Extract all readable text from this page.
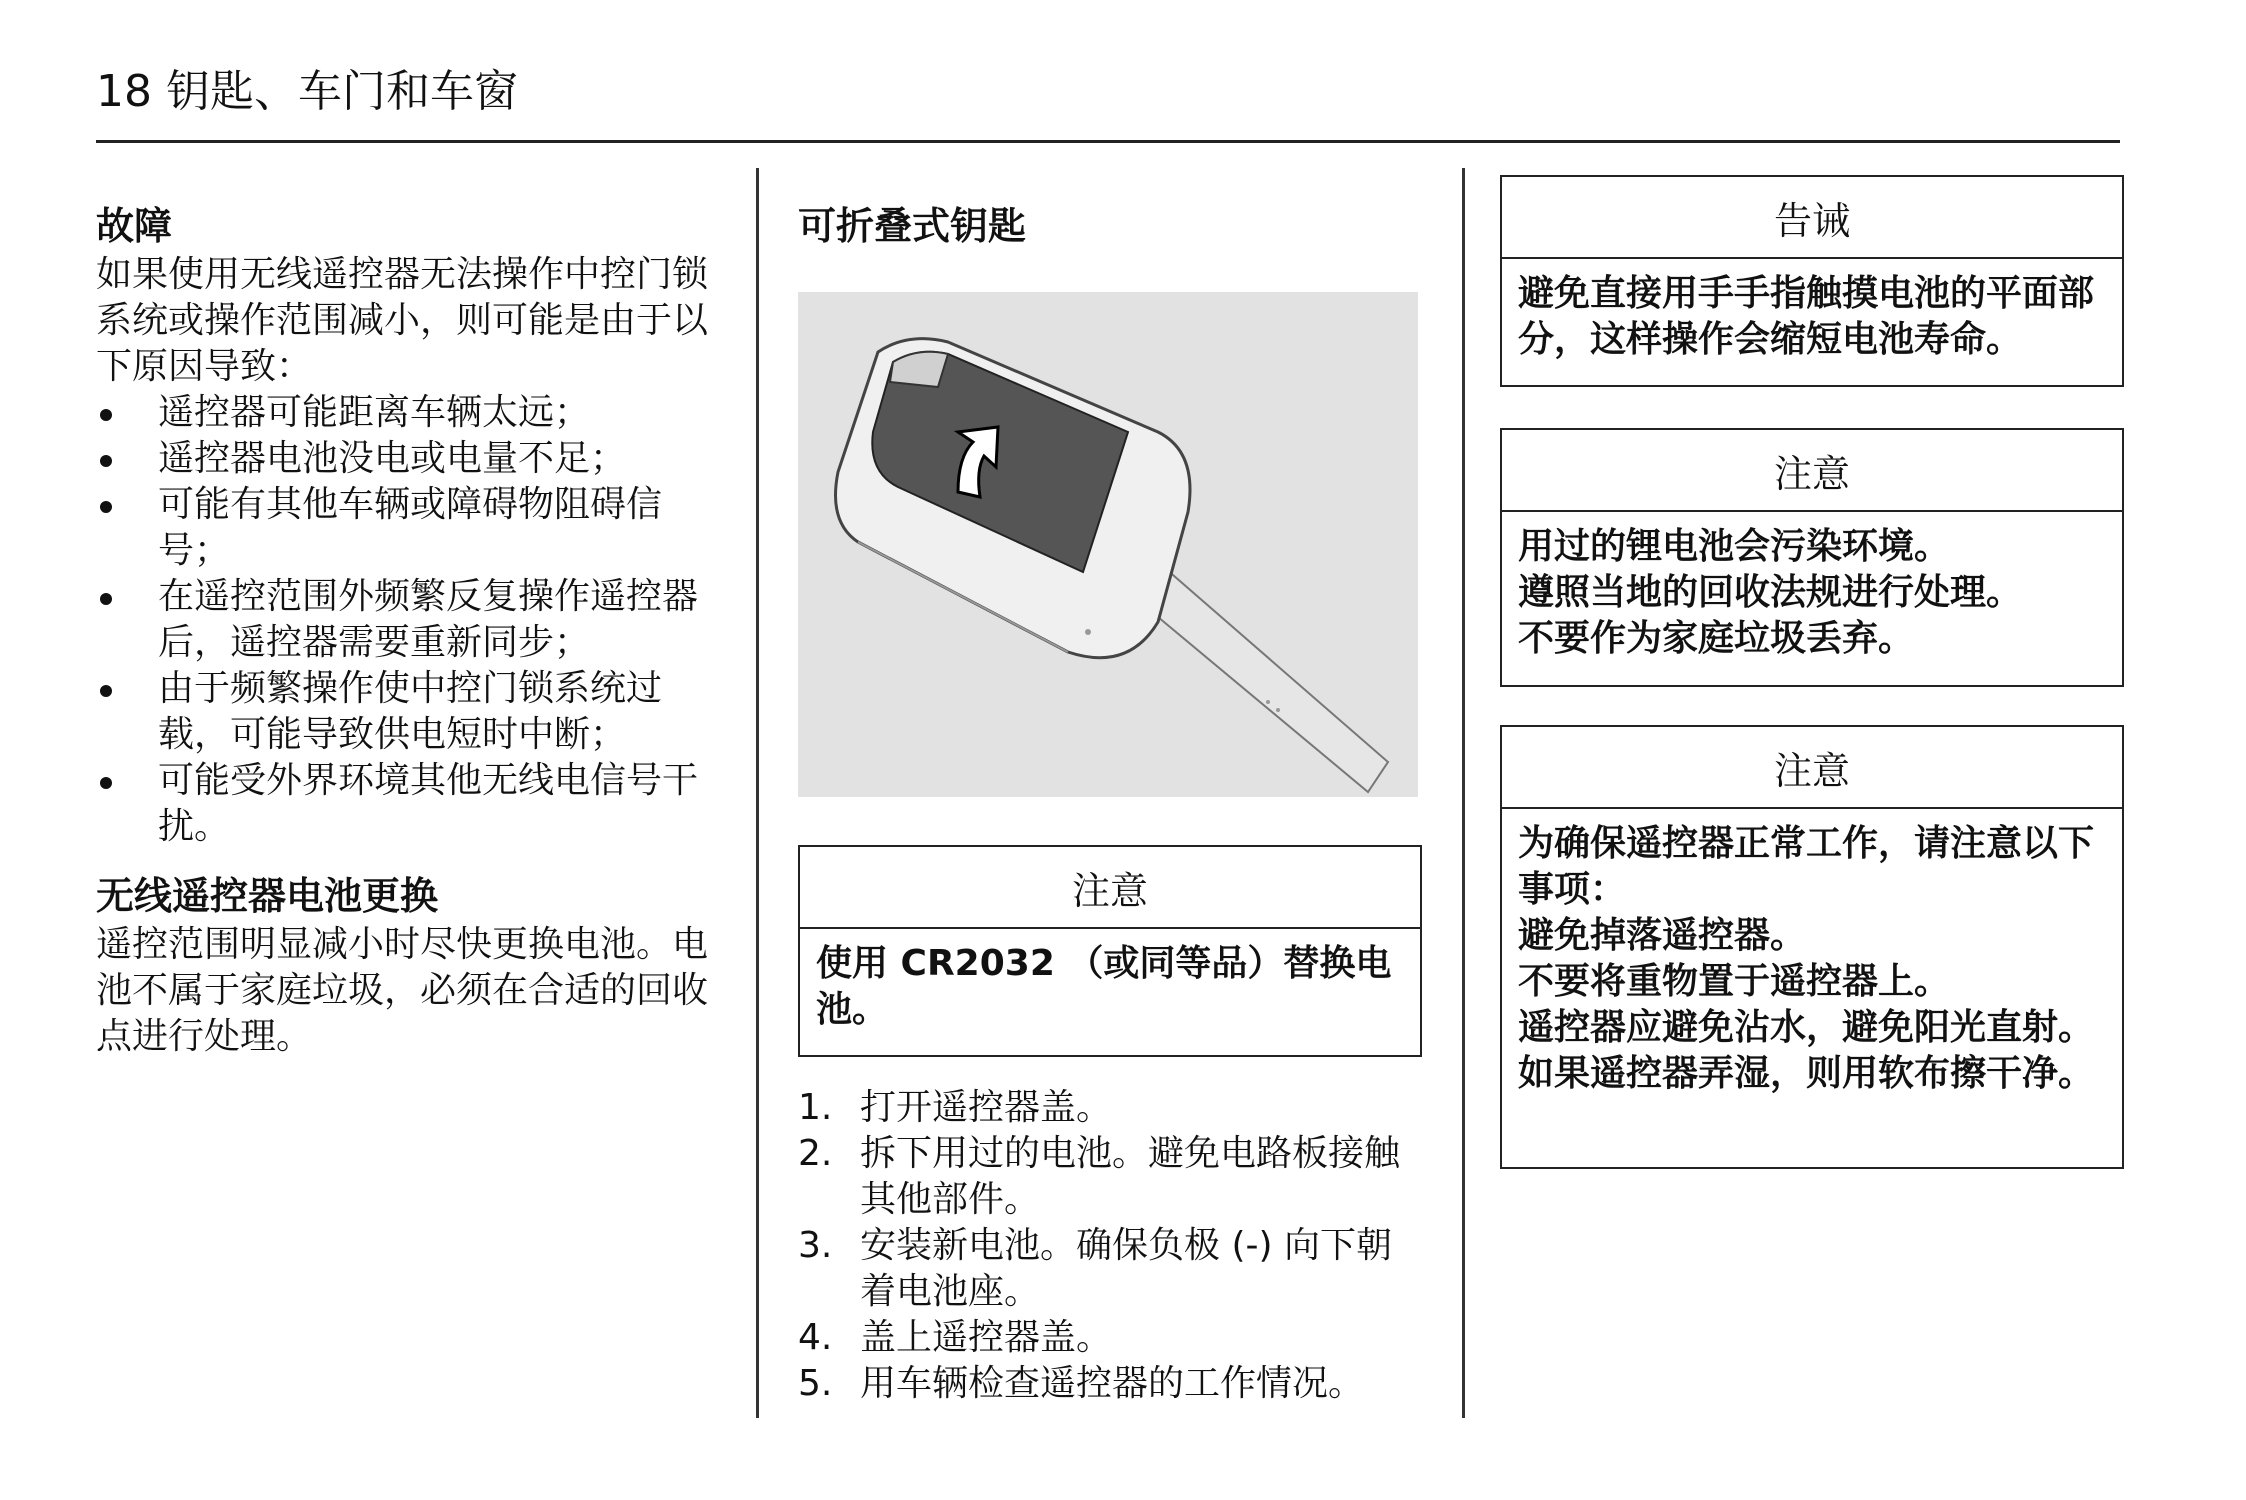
18 钥匙、车门和车窗
故障

如果使用无线遥控器无法操作中控门锁系统或操作范围减小，则可能是由于以下原因导致：

遥控器可能距离车辆太远；
遥控器电池没电或电量不足；
可能有其他车辆或障碍物阻碍信号；
在遥控范围外频繁反复操作遥控器后，遥控器需要重新同步；
由于频繁操作使中控门锁系统过载，可能导致供电短时中断；
可能受外界环境其他无线电信号干扰。
无线遥控器电池更换

遥控范围明显减小时尽快更换电池。电池不属于家庭垃圾，必须在合适的回收点进行处理。

可折叠式钥匙
注意
使用 CR2032 （或同等品）替换电池。
1. 打开遥控器盖。
2. 拆下用过的电池。避免电路板接触其他部件。
3. 安装新电池。确保负极 (-) 向下朝着电池座。
4. 盖上遥控器盖。
5. 用车辆检查遥控器的工作情况。
告诫
避免直接用手手指触摸电池的平面部分，这样操作会缩短电池寿命。
注意
用过的锂电池会污染环境。
遵照当地的回收法规进行处理。
不要作为家庭垃圾丢弃。
注意
为确保遥控器正常工作，请注意以下事项：
避免掉落遥控器。
不要将重物置于遥控器上。
遥控器应避免沾水，避免阳光直射。如果遥控器弄湿，则用软布擦干净。
